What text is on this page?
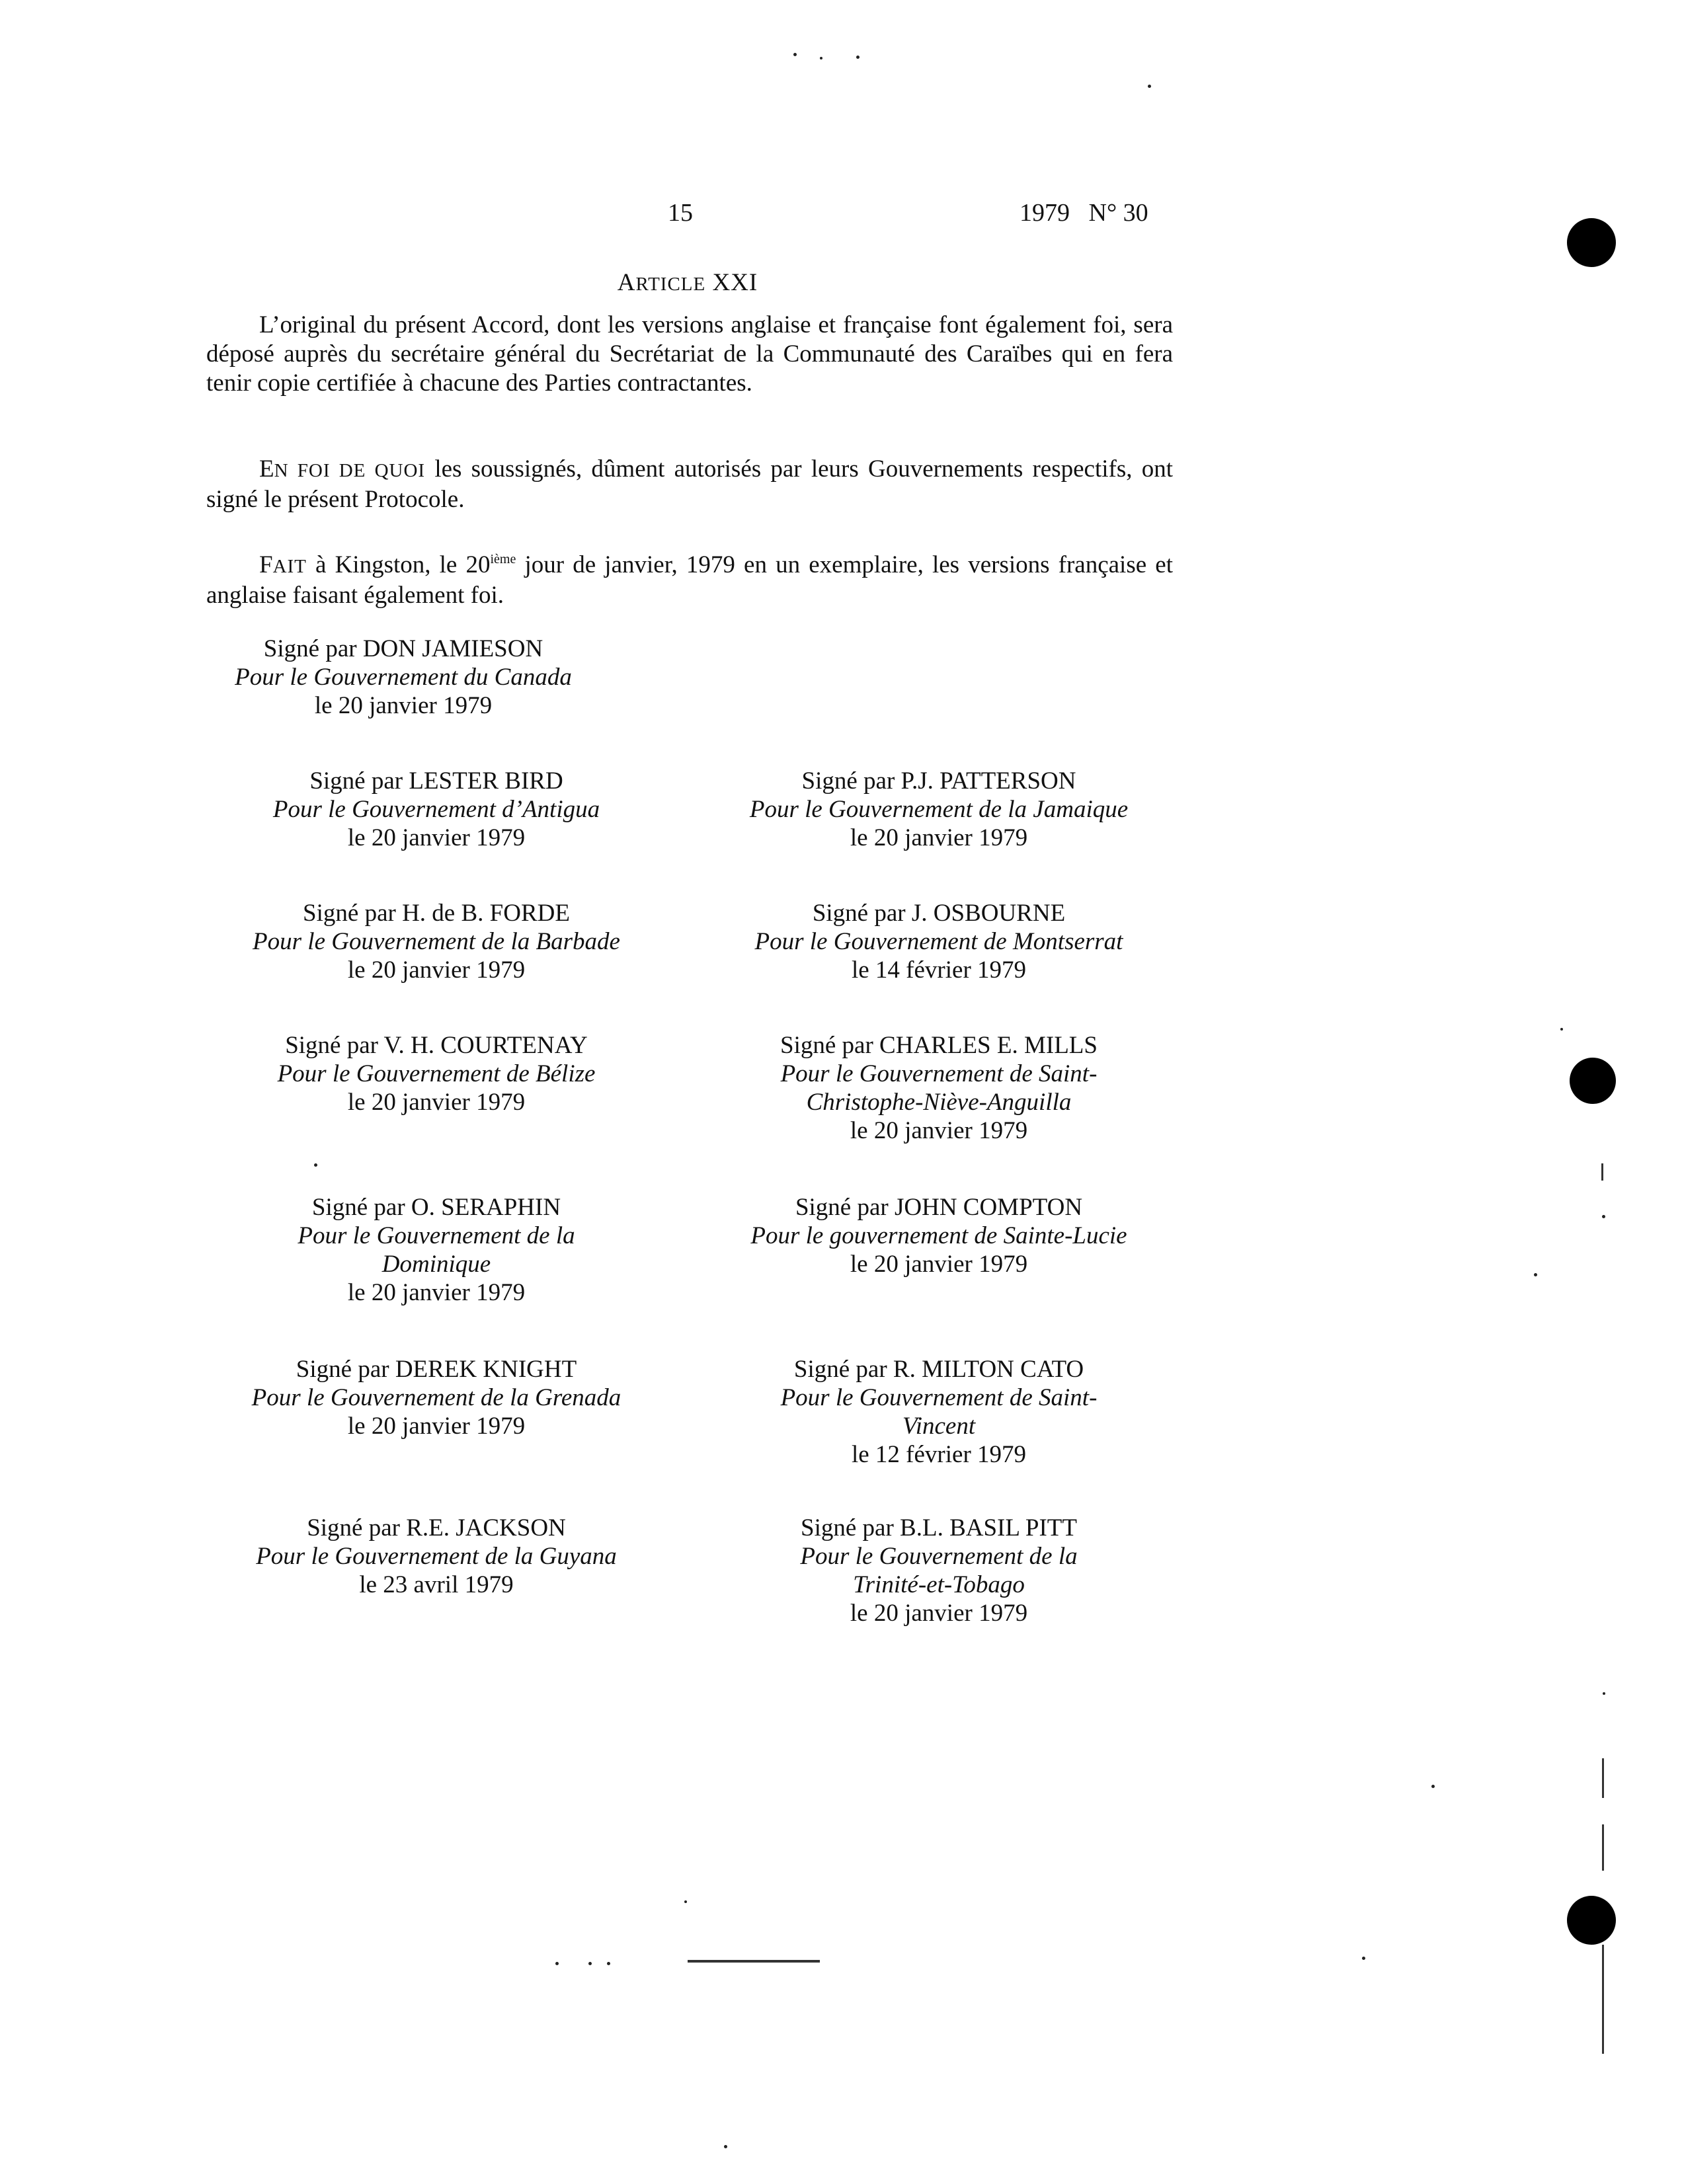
15	1979 N° 30
ARTICLE XXI
L’original du présent Accord, dont les versions anglaise et française font également foi, sera déposé auprès du secrétaire général du Secrétariat de la Communauté des Caraïbes qui en fera tenir copie certifiée à chacune des Parties contractantes.
EN FOI DE QUOI les soussignés, dûment autorisés par leurs Gouvernements respectifs, ont signé le présent Protocole.
FAIT à Kingston, le 20ième jour de janvier, 1979 en un exemplaire, les versions française et anglaise faisant également foi.
Signé par DON JAMIESON
Pour le Gouvernement du Canada
le 20 janvier 1979
Signé par LESTER BIRD
Pour le Gouvernement d’Antigua
le 20 janvier 1979
Signé par P.J. PATTERSON
Pour le Gouvernement de la Jamaique
le 20 janvier 1979
Signé par H. de B. FORDE
Pour le Gouvernement de la Barbade
le 20 janvier 1979
Signé par J. OSBOURNE
Pour le Gouvernement de Montserrat
le 14 février 1979
Signé par V. H. COURTENAY
Pour le Gouvernement de Bélize
le 20 janvier 1979
Signé par CHARLES E. MILLS
Pour le Gouvernement de Saint-
Christophe-Niève-Anguilla
le 20 janvier 1979
Signé par O. SERAPHIN
Pour le Gouvernement de la
Dominique
le 20 janvier 1979
Signé par JOHN COMPTON
Pour le gouvernement de Sainte-Lucie
le 20 janvier 1979
Signé par DEREK KNIGHT
Pour le Gouvernement de la Grenada
le 20 janvier 1979
Signé par R. MILTON CATO
Pour le Gouvernement de Saint-
Vincent
le 12 février 1979
Signé par R.E. JACKSON
Pour le Gouvernement de la Guyana
le 23 avril 1979
Signé par B.L. BASIL PITT
Pour le Gouvernement de la
Trinité-et-Tobago
le 20 janvier 1979
